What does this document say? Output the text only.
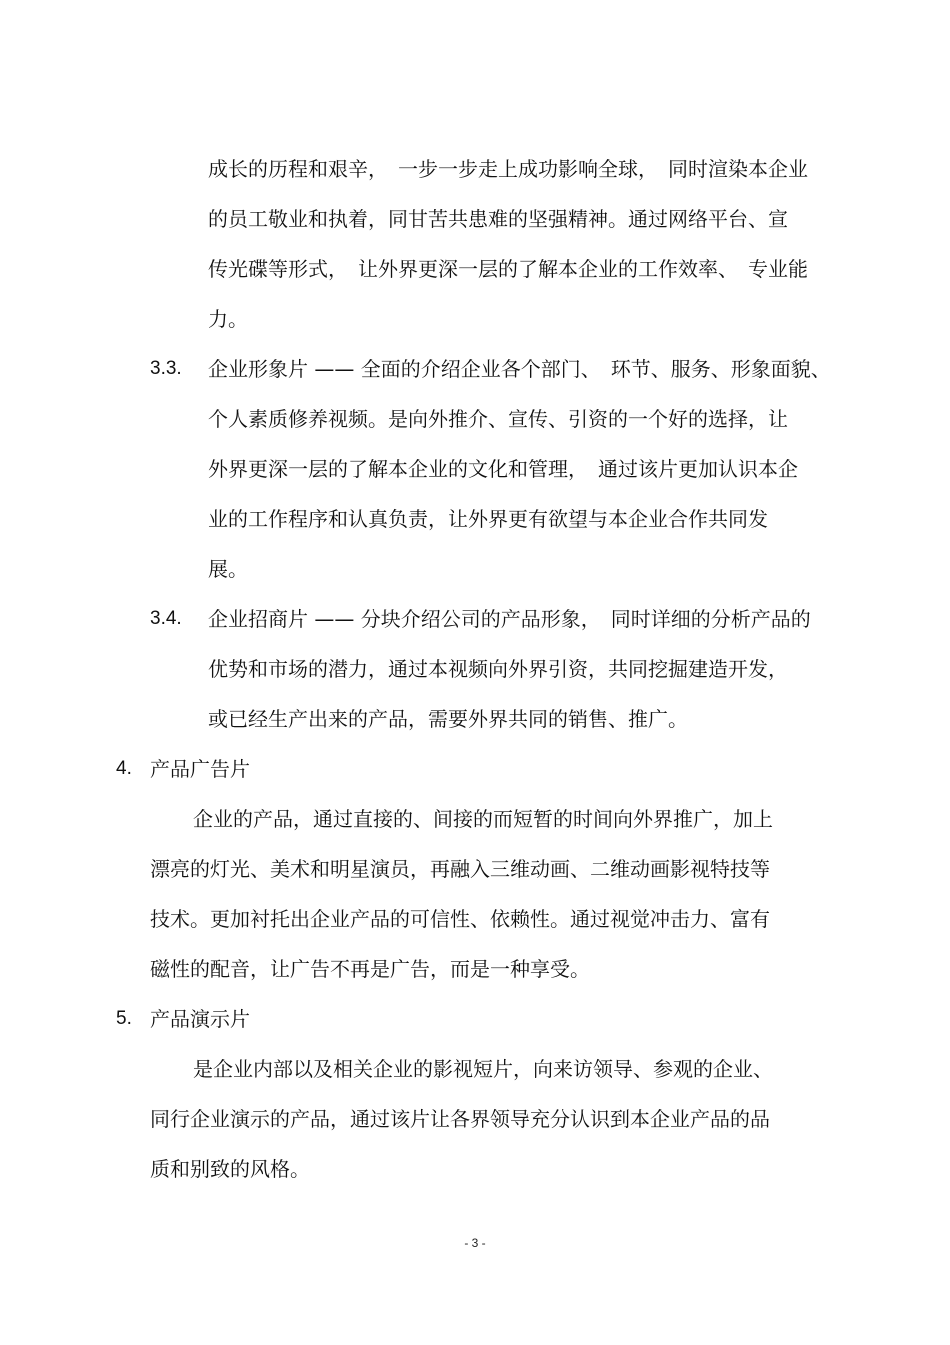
成长的历程和艰辛，　一步一步走上成功影响全球，　同时渲染本企业
的员工敬业和执着，同甘苦共患难的坚强精神。通过网络平台、宣
传光碟等形式，　让外界更深一层的了解本企业的工作效率、　专业能
力。
3.3. 企业形象片 —— 全面的介绍企业各个部门、　环节、服务、形象面貌、
个人素质修养视频。是向外推介、宣传、引资的一个好的选择，让
外界更深一层的了解本企业的文化和管理，　通过该片更加认识本企
业的工作程序和认真负责，让外界更有欲望与本企业合作共同发
展。
3.4. 企业招商片 —— 分块介绍公司的产品形象，　同时详细的分析产品的
优势和市场的潜力，通过本视频向外界引资，共同挖掘建造开发，
或已经生产出来的产品，需要外界共同的销售、推广。
4. 产品广告片
企业的产品，通过直接的、间接的而短暂的时间向外界推广，加上
漂亮的灯光、美术和明星演员，再融入三维动画、二维动画影视特技等
技术。更加衬托出企业产品的可信性、依赖性。通过视觉冲击力、富有
磁性的配音，让广告不再是广告，而是一种享受。
5. 产品演示片
是企业内部以及相关企业的影视短片，向来访领导、参观的企业、
同行企业演示的产品，通过该片让各界领导充分认识到本企业产品的品
质和别致的风格。
- 3 -
